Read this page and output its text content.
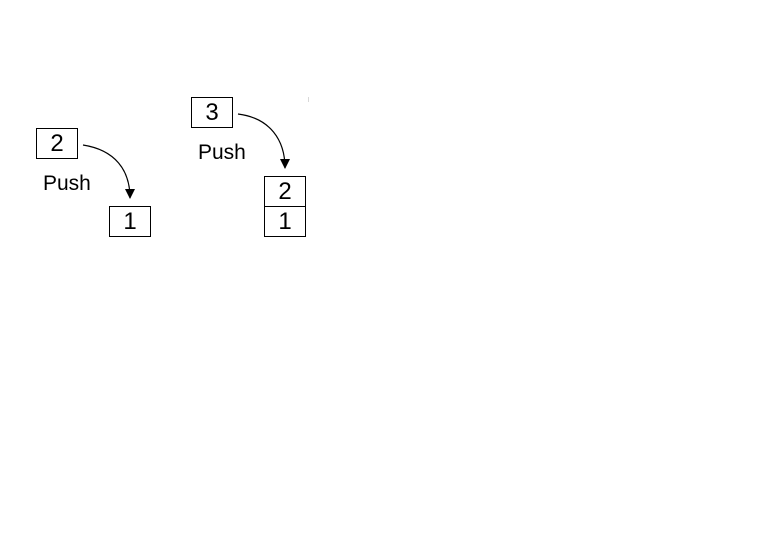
2
Push
1
3
Push
2
1
